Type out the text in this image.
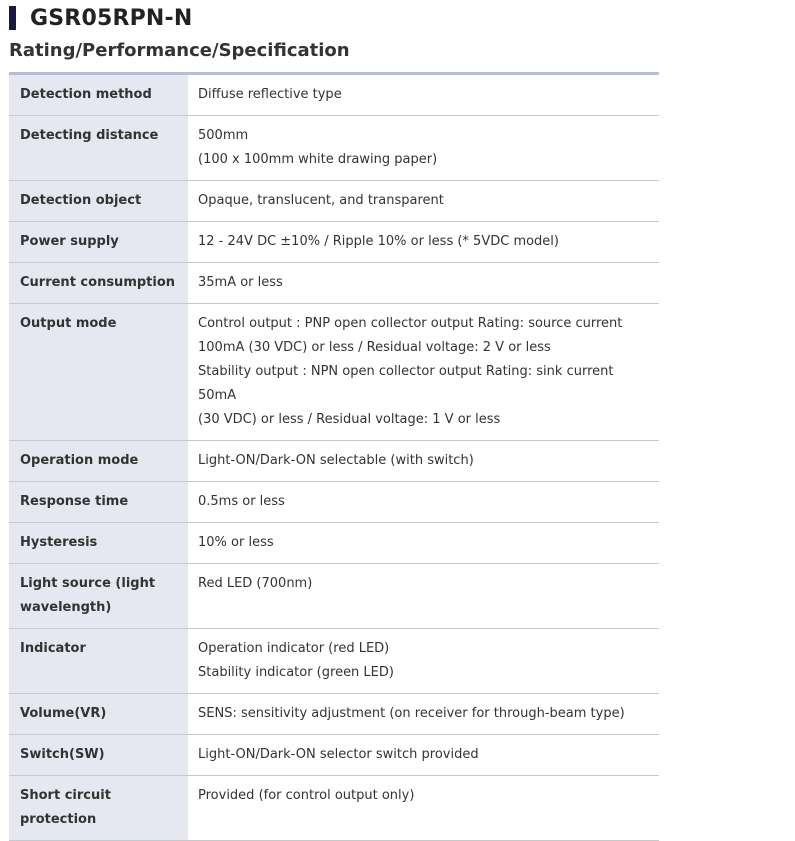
GSR05RPN-N
Rating/Performance/Specification
Detection method	Diffuse reflective type

Detecting distance	500mm
(100 x 100mm white drawing paper)

Detection object	Opaque, translucent, and transparent

Power supply	12 - 24V DC ±10% / Ripple 10% or less (* 5VDC model)

Current consumption	35mA or less

Output mode	Control output : PNP open collector output Rating: source current
100mA (30 VDC) or less / Residual voltage: 2 V or less
Stability output : NPN open collector output Rating: sink current 50mA
(30 VDC) or less / Residual voltage: 1 V or less

Operation mode	Light-ON/Dark-ON selectable (with switch)

Response time	0.5ms or less

Hysteresis	10% or less

Light source (light wavelength)	Red LED (700nm)

Indicator	Operation indicator (red LED)
Stability indicator (green LED)

Volume(VR)	SENS: sensitivity adjustment (on receiver for through-beam type)

Switch(SW)	Light-ON/Dark-ON selector switch provided

Short circuit protection	Provided (for control output only)
